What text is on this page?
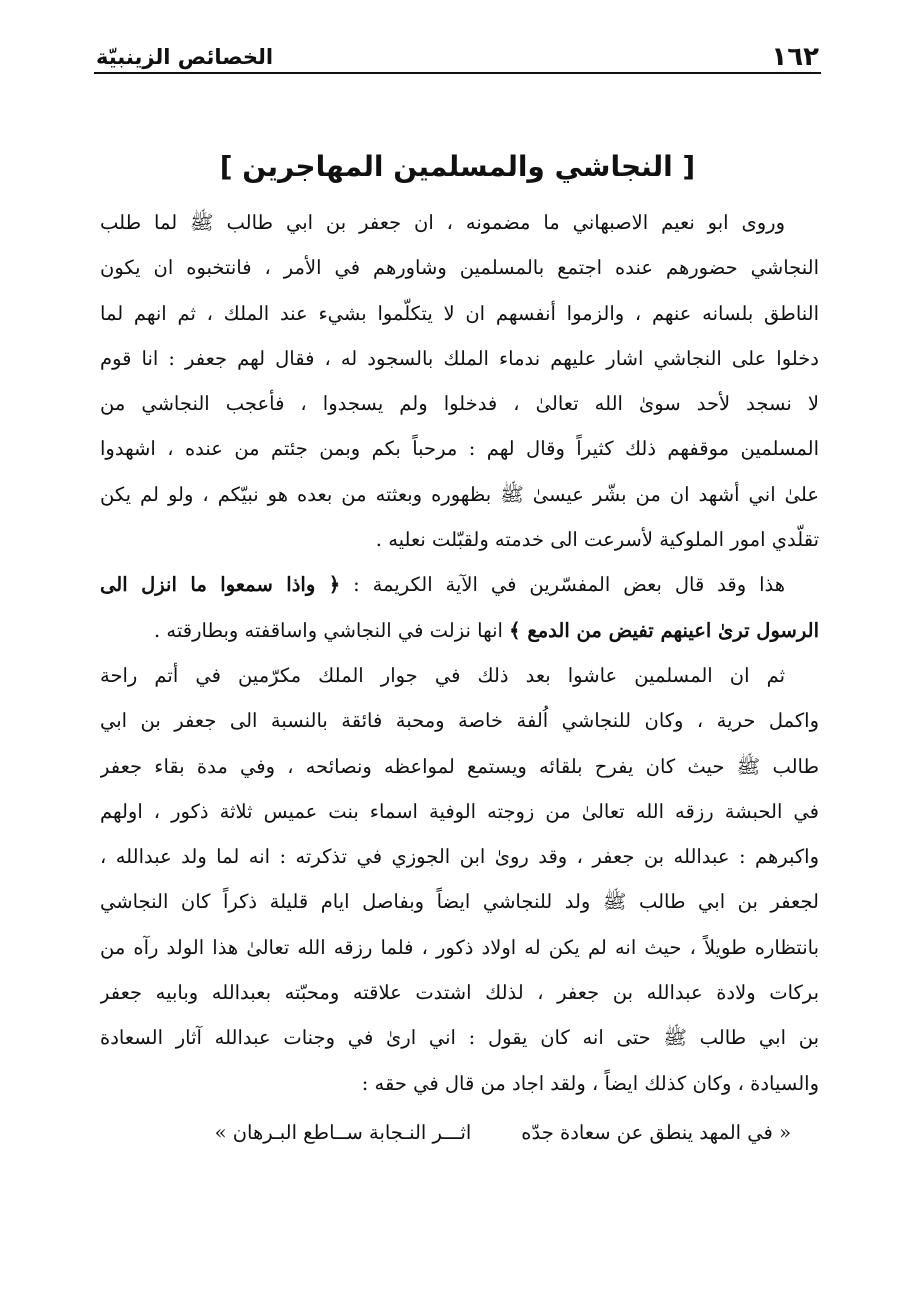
١٦٢
الخصائص الزينبيّة
[ النجاشي والمسلمين المهاجرين ]
وروى ابو نعيم الاصبهاني ما مضمونه ، ان جعفر بن ابي طالب ﷺ لما طلب
النجاشي حضورهم عنده اجتمع بالمسلمين وشاورهم في الأمر ، فانتخبوه ان يكون
الناطق بلسانه عنهم ، والزموا أنفسهم ان لا يتكلّموا بشيء عند الملك ، ثم انهم لما
دخلوا على النجاشي اشار عليهم ندماء الملك بالسجود له ، فقال لهم جعفر : انا قوم
لا نسجد لأحد سوىٰ الله تعالىٰ ، فدخلوا ولم يسجدوا ، فأعجب النجاشي من
المسلمين موقفهم ذلك كثيراً وقال لهم : مرحباً بكم وبمن جئتم من عنده ، اشهدوا
علىٰ اني أشهد ان من بشّر عيسىٰ ﷺ بظهوره وبعثته من بعده هو نبيّكم ، ولو لم يكن
تقلّدي امور الملوكية لأسرعت الى خدمته ولقبّلت نعليه .
هذا وقد قال بعض المفسّرين في الآية الكريمة : ﴿ واذا سمعوا ما انزل الى
الرسول ترىٰ اعينهم تفيض من الدمع ﴾ انها نزلت في النجاشي واساقفته وبطارقته .
ثم ان المسلمين عاشوا بعد ذلك في جوار الملك مكرّمين في أتم راحة
واكمل حرية ، وكان للنجاشي اُلفة خاصة ومحبة فائقة بالنسبة الى جعفر بن ابي
طالب ﷺ حيث كان يفرح بلقائه ويستمع لمواعظه ونصائحه ، وفي مدة بقاء جعفر
في الحبشة رزقه الله تعالىٰ من زوجته الوفية اسماء بنت عميس ثلاثة ذكور ، اولهم
واكبرهم : عبدالله بن جعفر ، وقد روىٰ ابن الجوزي في تذكرته : انه لما ولد عبدالله ،
لجعفر بن ابي طالب ﷺ ولد للنجاشي ايضاً وبفاصل ايام قليلة ذكراً كان النجاشي
بانتظاره طويلاً ، حيث انه لم يكن له اولاد ذكور ، فلما رزقه الله تعالىٰ هذا الولد رآه من
بركات ولادة عبدالله بن جعفر ، لذلك اشتدت علاقته ومحبّته بعبدالله وبابيه جعفر
بن ابي طالب ﷺ حتى انه كان يقول : اني ارىٰ في وجنات عبدالله آثار السعادة
والسيادة ، وكان كذلك ايضاً ، ولقد اجاد من قال في حقه :
« في المهد ينطق عن سعادة جدّه
اثـــر النـجابة ســاطع البـرهان »
